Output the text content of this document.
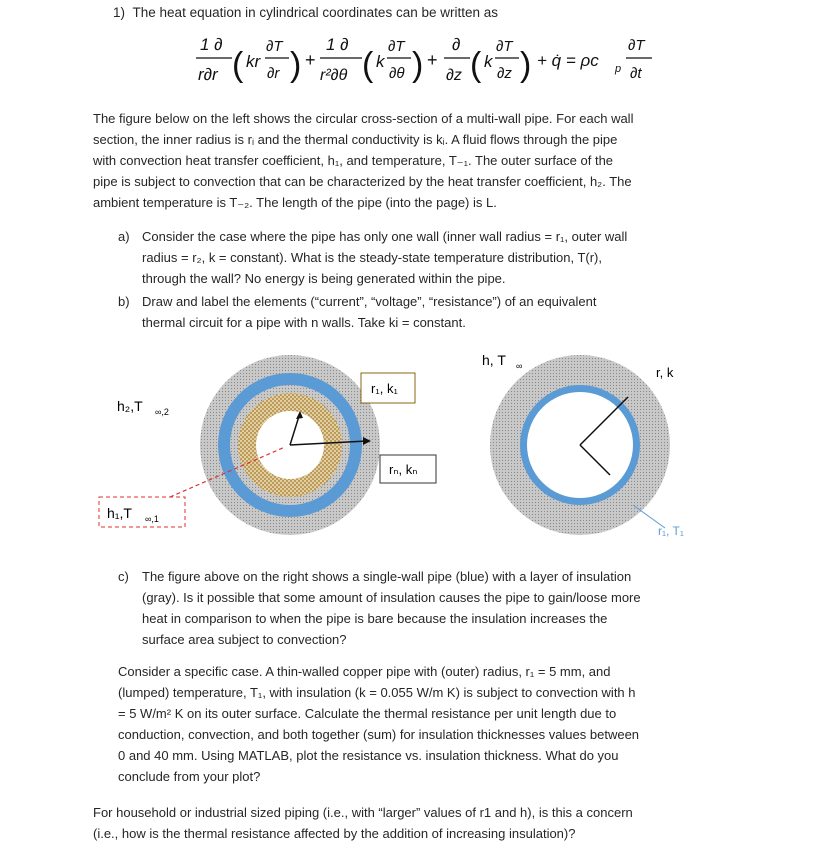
1) The heat equation in cylindrical coordinates can be written as
1 ∂
r∂r ( kr
∂T
∂r ) +
1 ∂
r²∂θ ( k
∂T
∂θ ) +
∂
∂z ( k
∂T
∂z ) + q̇ = ρc p
∂T
∂t
The figure below on the left shows the circular cross-section of a multi-wall pipe. For each wall
section, the inner radius is rᵢ and the thermal conductivity is kᵢ. A fluid flows through the pipe
with convection heat transfer coefficient, h₁, and temperature, T₋₁. The outer surface of the
pipe is subject to convection that can be characterized by the heat transfer coefficient, h₂. The
ambient temperature is T₋₂. The length of the pipe (into the page) is L.
a) Consider the case where the pipe has only one wall (inner wall radius = r₁, outer wall
radius = r₂, k = constant). What is the steady-state temperature distribution, T(r),
through the wall? No energy is being generated within the pipe.
b) Draw and label the elements (“current”, “voltage”, “resistance”) of an equivalent
thermal circuit for a pipe with n walls. Take ki = constant.
r₁, k₁
rₙ, kₙ
h₂,T ∞,2
h₁,T ∞,1
h, T ∞	r, k
r₁, T₁
c) The figure above on the right shows a single-wall pipe (blue) with a layer of insulation
(gray). Is it possible that some amount of insulation causes the pipe to gain/loose more
heat in comparison to when the pipe is bare because the insulation increases the
surface area subject to convection?
Consider a specific case. A thin-walled copper pipe with (outer) radius, r₁ = 5 mm, and
(lumped) temperature, T₁, with insulation (k = 0.055 W/m K) is subject to convection with h
= 5 W/m² K on its outer surface. Calculate the thermal resistance per unit length due to
conduction, convection, and both together (sum) for insulation thicknesses values between
0 and 40 mm. Using MATLAB, plot the resistance vs. insulation thickness. What do you
conclude from your plot?
For household or industrial sized piping (i.e., with “larger” values of r1 and h), is this a concern
(i.e., how is the thermal resistance affected by the addition of increasing insulation)?
